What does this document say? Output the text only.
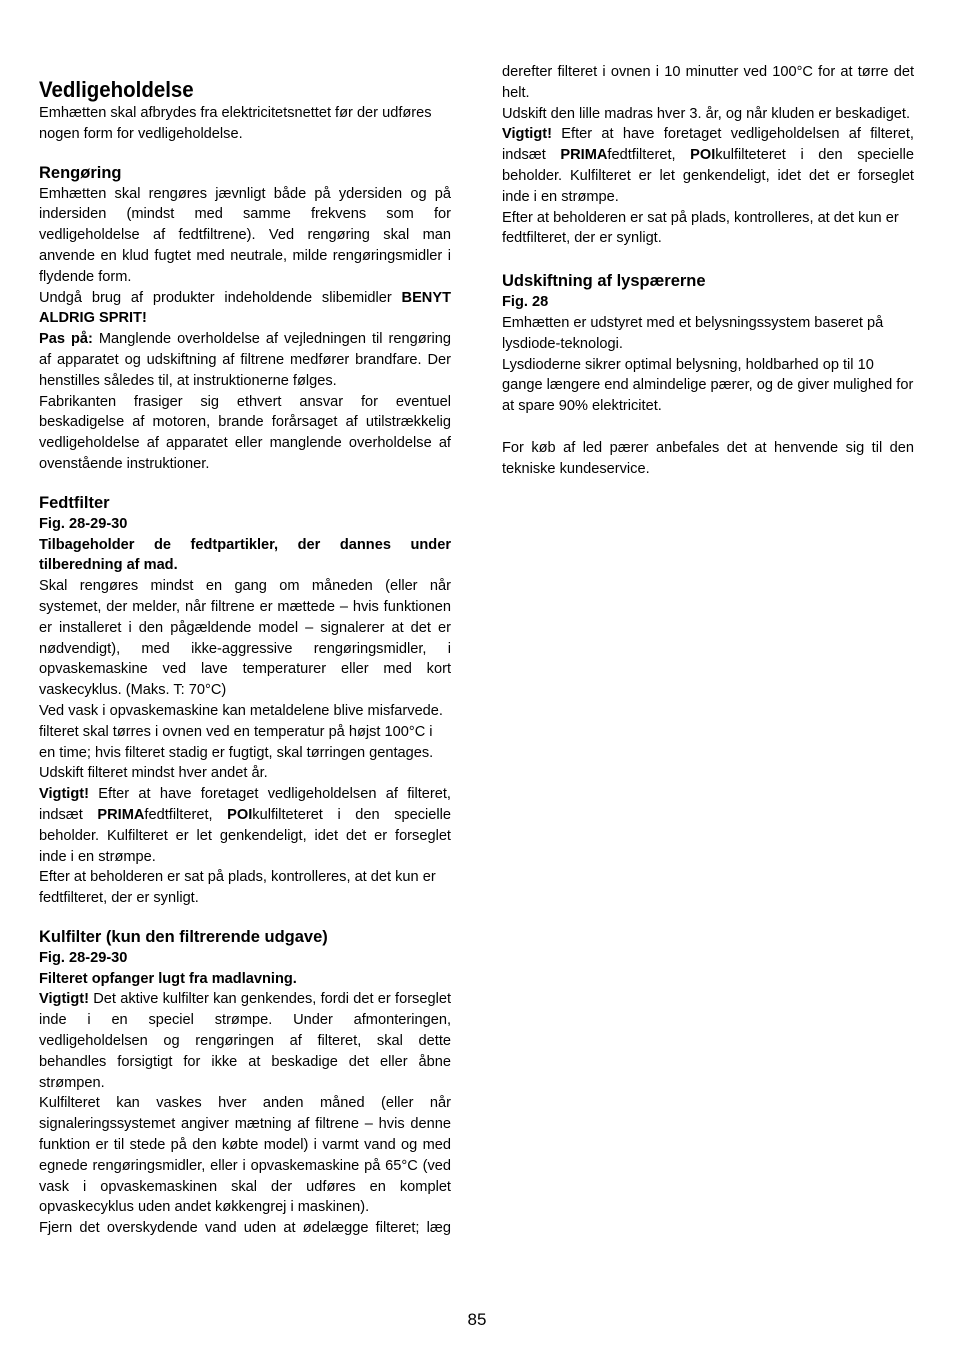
Vedligeholdelse

Emhætten skal afbrydes fra elektricitetsnettet før der udføres nogen form for vedligeholdelse.

Rengøring

Emhætten skal rengøres jævnligt både på ydersiden og på indersiden (mindst med samme frekvens som for vedligeholdelse af fedtfiltrene). Ved rengøring skal man anvende en klud fugtet med neutrale, milde rengøringsmidler i flydende form.

Undgå brug af produkter indeholdende slibemidler BENYT ALDRIG SPRIT!

Pas på: Manglende overholdelse af vejledningen til rengøring af apparatet og udskiftning af filtrene medfører brandfare. Der henstilles således til, at instruktionerne følges.

Fabrikanten frasiger sig ethvert ansvar for eventuel beskadigelse af motoren, brande forårsaget af utilstrækkelig vedligeholdelse af apparatet eller manglende overholdelse af ovenstående instruktioner.

Fedtfilter

Fig. 28-29-30

Tilbageholder de fedtpartikler, der dannes under tilberedning af mad.

Skal rengøres mindst en gang om måneden (eller når systemet, der melder, når filtrene er mættede – hvis funktionen er installeret i den pågældende model – signalerer at det er nødvendigt), med ikke-aggressive rengøringsmidler, i opvaskemaskine ved lave temperaturer eller med kort vaskecyklus. (Maks. T: 70°C)

Ved vask i opvaskemaskine kan metaldelene blive misfarvede.

filteret skal tørres i ovnen ved en temperatur på højst 100°C i en time; hvis filteret stadig er fugtigt, skal tørringen gentages.

Udskift filteret mindst hver andet år.

Vigtigt! Efter at have foretaget vedligeholdelsen af filteret, indsæt PRIMAfedtfilteret, POIkulfilteteret i den specielle beholder. Kulfilteret er let genkendeligt, idet det er forseglet inde i en strømpe.

Efter at beholderen er sat på plads, kontrolleres, at det kun er fedtfilteret, der er synligt.

Kulfilter (kun den filtrerende udgave)

Fig. 28-29-30

Filteret opfanger lugt fra madlavning.

Vigtigt! Det aktive kulfilter kan genkendes, fordi det er forseglet inde i en speciel strømpe. Under afmonteringen, vedligeholdelsen og rengøringen af filteret, skal dette behandles forsigtigt for ikke at beskadige det eller åbne strømpen.

Kulfilteret kan vaskes hver anden måned (eller når signaleringssystemet angiver mætning af filtrene – hvis denne funktion er til stede på den købte model) i varmt vand og med egnede rengøringsmidler, eller i opvaskemaskine på 65°C (ved vask i opvaskemaskinen skal der udføres en komplet opvaskecyklus uden andet køkkengrej i maskinen).

Fjern det overskydende vand uden at ødelægge filteret; læg

derefter filteret i ovnen i 10 minutter ved 100°C for at tørre det helt.

Udskift den lille madras hver 3. år, og når kluden er beskadiget.

Vigtigt! Efter at have foretaget vedligeholdelsen af filteret, indsæt PRIMAfedtfilteret, POIkulfilteteret i den specielle beholder. Kulfilteret er let genkendeligt, idet det er forseglet inde i en strømpe.

Efter at beholderen er sat på plads, kontrolleres, at det kun er fedtfilteret, der er synligt.

Udskiftning af lyspærerne

Fig. 28

Emhætten er udstyret med et belysningssystem baseret på lysdiode-teknologi.

Lysdioderne sikrer optimal belysning, holdbarhed op til 10 gange længere end almindelige pærer, og de giver mulighed for at spare 90% elektricitet.

For køb af led pærer anbefales det at henvende sig til den tekniske kundeservice.

85
